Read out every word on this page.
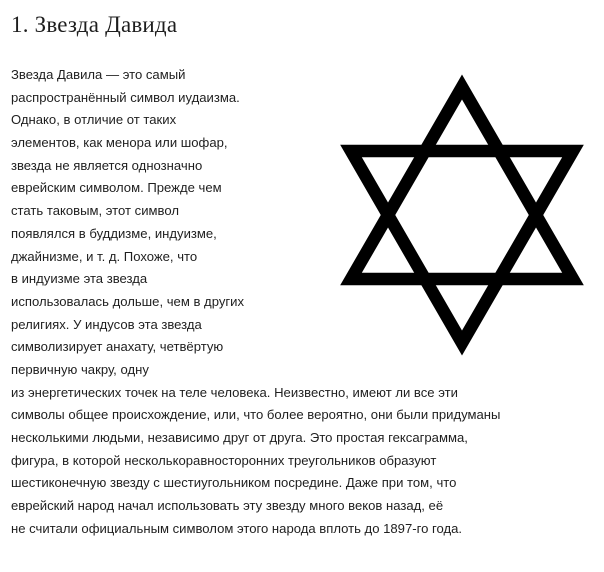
1. Звезда Давида
Звезда Давила — это самый
распространённый символ иудаизма.
Однако, в отличие от таких
элементов, как менора или шофар,
звезда не является однозначно
еврейским символом. Прежде чем
стать таковым, этот символ
появлялся в буддизме, индуизме,
джайнизме, и т. д. Похоже, что
в индуизме эта звезда
использовалась дольше, чем в других
религиях. У индусов эта звезда
символизирует анахату, четвёртую
первичную чакру, одну
из энергетических точек на теле человека. Неизвестно, имеют ли все эти
символы общее происхождение, или, что более вероятно, они были придуманы
несколькими людьми, независимо друг от друга. Это простая гексаграмма,
фигура, в которой несколькоравносторонних треугольников образуют
шестиконечную звезду с шестиугольником посредине. Даже при том, что
еврейский народ начал использовать эту звезду много веков назад, её
не считали официальным символом этого народа вплоть до 1897-го года.
